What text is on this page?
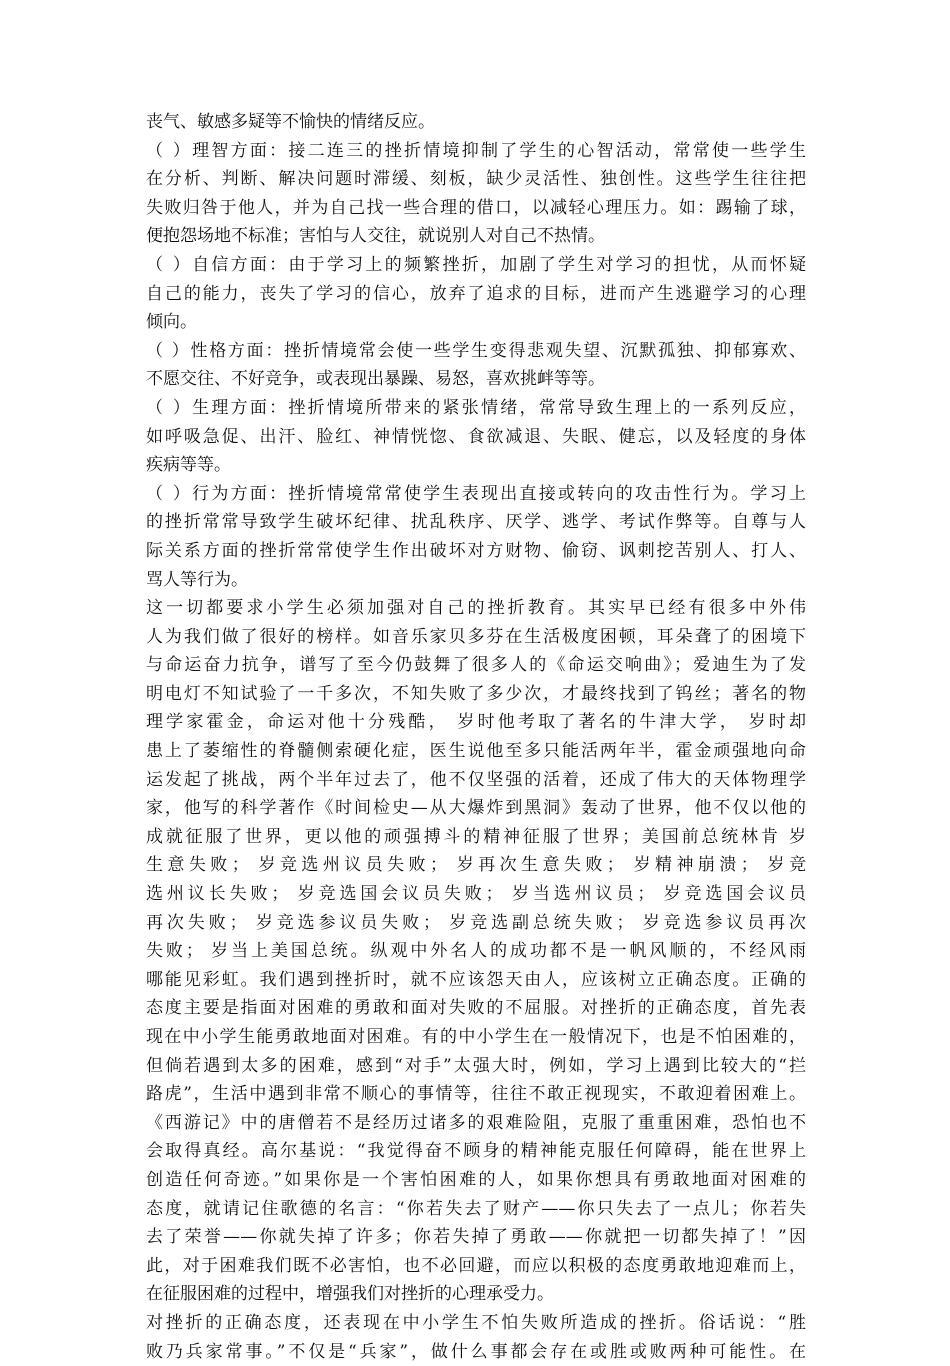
丧气、敏感多疑等不愉快的情绪反应。
（ ）理智方面：接二连三的挫折情境抑制了学生的心智活动，常常使一些学生
在分析、判断、解决问题时滞缓、刻板，缺少灵活性、独创性。这些学生往往把
失败归咎于他人，并为自己找一些合理的借口，以减轻心理压力。如：踢输了球，
便抱怨场地不标准；害怕与人交往，就说别人对自己不热情。
（ ）自信方面：由于学习上的频繁挫折，加剧了学生对学习的担忧，从而怀疑
自己的能力，丧失了学习的信心，放弃了追求的目标，进而产生逃避学习的心理
倾向。
（ ）性格方面：挫折情境常会使一些学生变得悲观失望、沉默孤独、抑郁寡欢、
不愿交往、不好竞争，或表现出暴躁、易怒，喜欢挑衅等等。
（ ）生理方面：挫折情境所带来的紧张情绪，常常导致生理上的一系列反应，
如呼吸急促、出汗、脸红、神情恍惚、食欲减退、失眠、健忘，以及轻度的身体
疾病等等。
（ ）行为方面：挫折情境常常使学生表现出直接或转向的攻击性行为。学习上
的挫折常常导致学生破坏纪律、扰乱秩序、厌学、逃学、考试作弊等。自尊与人
际关系方面的挫折常常使学生作出破坏对方财物、偷窃、讽刺挖苦别人、打人、
骂人等行为。
这一切都要求小学生必须加强对自己的挫折教育。其实早已经有很多中外伟
人为我们做了很好的榜样。如音乐家贝多芬在生活极度困顿，耳朵聋了的困境下
与命运奋力抗争，谱写了至今仍鼓舞了很多人的《命运交响曲》；爱迪生为了发
明电灯不知试验了一千多次，不知失败了多少次，才最终找到了钨丝；著名的物
理学家霍金，命运对他十分残酷， 岁时他考取了著名的牛津大学， 岁时却
患上了萎缩性的脊髓侧索硬化症，医生说他至多只能活两年半，霍金顽强地向命
运发起了挑战，两个半年过去了，他不仅坚强的活着，还成了伟大的天体物理学
家，他写的科学著作《时间检史—从大爆炸到黑洞》轰动了世界，他不仅以他的
成就征服了世界，更以他的顽强搏斗的精神征服了世界；美国前总统林肯 岁
生意失败； 岁竞选州议员失败； 岁再次生意失败； 岁精神崩溃； 岁竞
选州议长失败； 岁竞选国会议员失败； 岁当选州议员； 岁竞选国会议员
再次失败； 岁竞选参议员失败； 岁竞选副总统失败； 岁竞选参议员再次
失败； 岁当上美国总统。纵观中外名人的成功都不是一帆风顺的，不经风雨
哪能见彩虹。我们遇到挫折时，就不应该怨天由人，应该树立正确态度。正确的
态度主要是指面对困难的勇敢和面对失败的不屈服。对挫折的正确态度，首先表
现在中小学生能勇敢地面对困难。有的中小学生在一般情况下，也是不怕困难的，
但倘若遇到太多的困难，感到“对手”太强大时，例如，学习上遇到比较大的“拦
路虎”，生活中遇到非常不顺心的事情等，往往不敢正视现实，不敢迎着困难上。
《西游记》中的唐僧若不是经历过诸多的艰难险阻，克服了重重困难，恐怕也不
会取得真经。高尔基说：“我觉得奋不顾身的精神能克服任何障碍，能在世界上
创造任何奇迹。”如果你是一个害怕困难的人，如果你想具有勇敢地面对困难的
态度，就请记住歌德的名言：“你若失去了财产——你只失去了一点儿；你若失
去了荣誉——你就失掉了许多；你若失掉了勇敢——你就把一切都失掉了！”因
此，对于困难我们既不必害怕，也不必回避，而应以积极的态度勇敢地迎难而上，
在征服困难的过程中，增强我们对挫折的心理承受力。
对挫折的正确态度，还表现在中小学生不怕失败所造成的挫折。俗话说：“胜
败乃兵家常事。”不仅是“兵家”，做什么事都会存在或胜或败两种可能性。在
